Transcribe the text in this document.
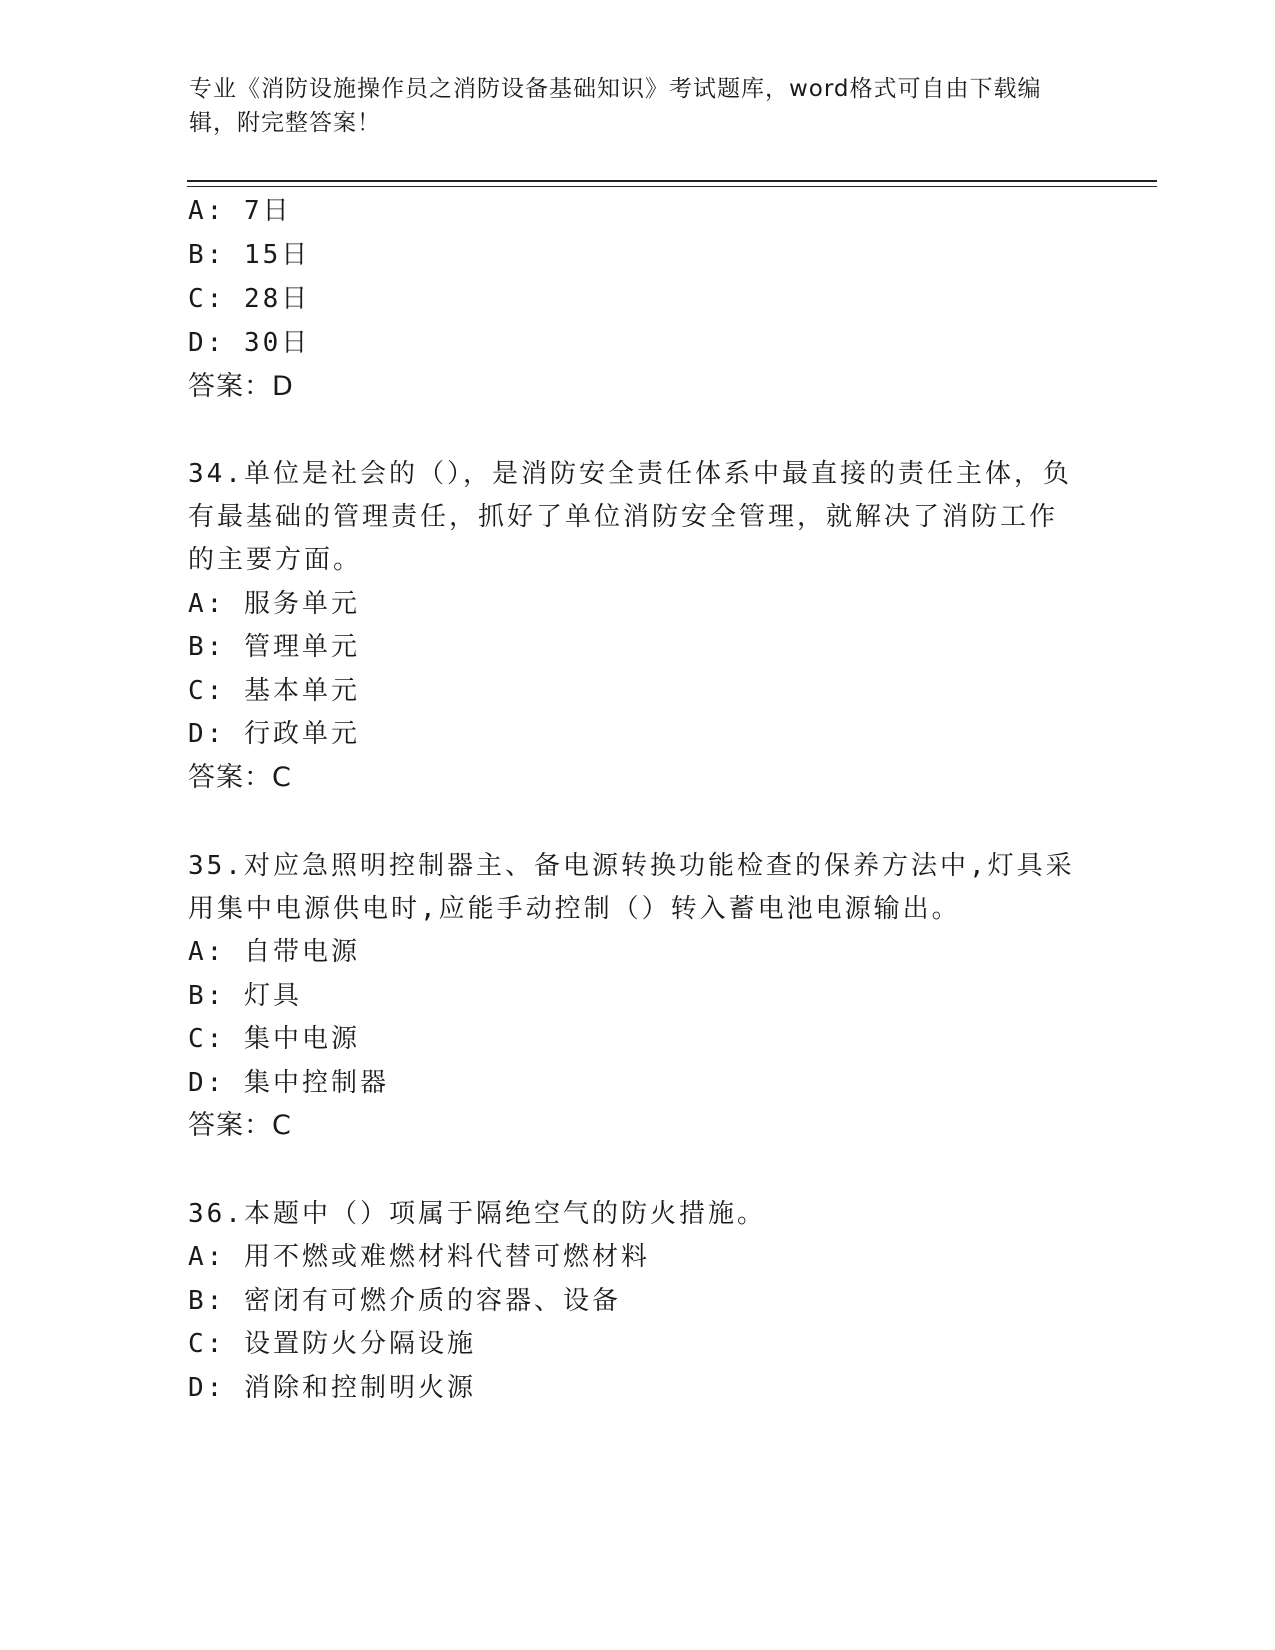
专业《消防设施操作员之消防设备基础知识》考试题库，word格式可自由下载编辑，附完整答案！

A: 7日

B: 15日

C: 28日

D: 30日

答案：D

34.单位是社会的（），是消防安全责任体系中最直接的责任主体，负

有最基础的管理责任，抓好了单位消防安全管理，就解决了消防工作

的主要方面。

A: 服务单元

B: 管理单元

C: 基本单元

D: 行政单元

答案：C

35.对应急照明控制器主、备电源转换功能检查的保养方法中,灯具采

用集中电源供电时,应能手动控制（）转入蓄电池电源输出。

A: 自带电源

B: 灯具

C: 集中电源

D: 集中控制器

答案：C

36.本题中（）项属于隔绝空气的防火措施。

A: 用不燃或难燃材料代替可燃材料

B: 密闭有可燃介质的容器、设备

C: 设置防火分隔设施

D: 消除和控制明火源
